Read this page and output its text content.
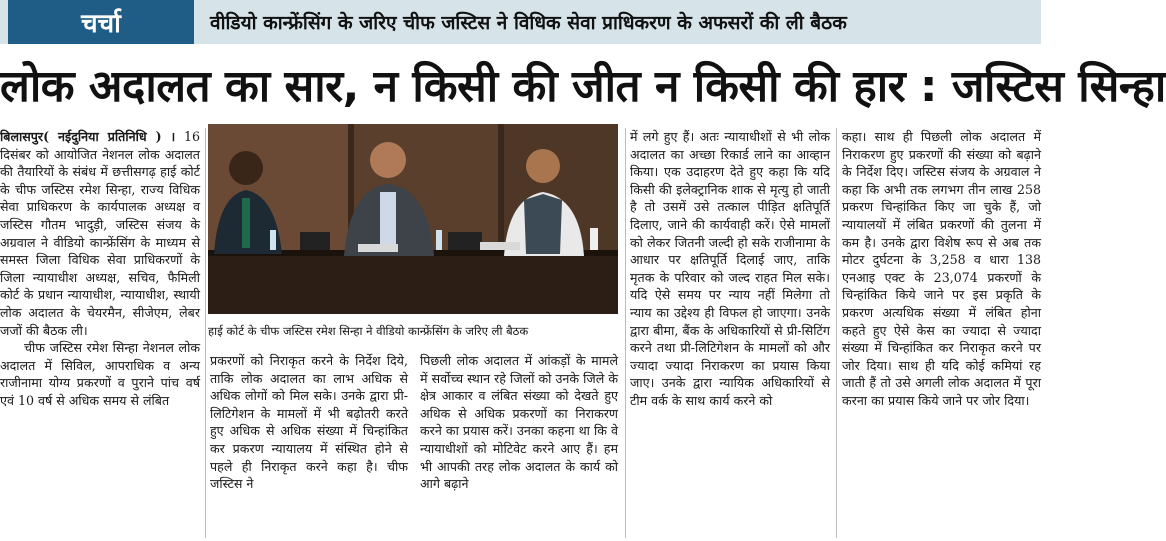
चर्चा	वीडियो कान्फ्रेंसिंग के जरिए चीफ जस्टिस ने विधिक सेवा प्राधिकरण के अफसरों की ली बैठक
लोक अदालत का सार, न किसी की जीत न किसी की हार : जस्टिस सिन्हा

बिलासपुर( नईदुनिया प्रतिनिधि ) । 16 दिसंबर को आयोजित नेशनल लोक अदालत की तैयारियों के संबंध में छत्तीसगढ़ हाई कोर्ट के चीफ जस्टिस रमेश सिन्हा, राज्य विधिक सेवा प्राधिकरण के कार्यपालक अध्यक्ष व जस्टिस गौतम भादुड़ी, जस्टिस संजय के अग्रवाल ने वीडियो कान्फ्रेंसिंग के माध्यम से समस्त जिला विधिक सेवा प्राधिकरणों के जिला न्यायाधीश अध्यक्ष, सचिव, फैमिली कोर्ट के प्रधान न्यायाधीश, न्यायाधीश, स्थायी लोक अदालत के चेयरमैन, सीजेएम, लेबर जजों की बैठक ली।

चीफ जस्टिस रमेश सिन्हा नेशनल लोक अदालत में सिविल, आपराधिक व अन्य राजीनामा योग्य प्रकरणों व पुराने पांच वर्ष एवं 10 वर्ष से अधिक समय से लंबित

हाई कोर्ट के चीफ जस्टिस रमेश सिन्हा ने वीडियो कान्फ्रेंसिंग के जरिए ली बैठक

प्रकरणों को निराकृत करने के निर्देश दिये, ताकि लोक अदालत का लाभ अधिक से अधिक लोगों को मिल सके। उनके द्वारा प्री-लिटिगेशन के मामलों में भी बढ़ोतरी करते हुए अधिक से अधिक संख्या में चिन्हांकित कर प्रकरण न्यायालय में संस्थित होने से पहले ही निराकृत करने कहा है। चीफ जस्टिस ने

पिछली लोक अदालत में आंकड़ों के मामले में सर्वोच्च स्थान रहे जिलों को उनके जिले के क्षेत्र आकार व लंबित संख्या को देखते हुए अधिक से अधिक प्रकरणों का निराकरण करने का प्रयास करें। उनका कहना था कि वे न्यायाधीशों को मोटिवेट करने आए हैं। हम भी आपकी तरह लोक अदालत के कार्य को आगे बढ़ाने

में लगे हुए हैं। अतः न्यायाधीशों से भी लोक अदालत का अच्छा रिकार्ड लाने का आव्हान किया। एक उदाहरण देते हुए कहा कि यदि किसी की इलेक्ट्रानिक शाक से मृत्यु हो जाती है तो उसमें उसे तत्काल पीड़ित क्षतिपूर्ति दिलाए, जाने की कार्यवाही करें। ऐसे मामलों को लेकर जितनी जल्दी हो सके राजीनामा के आधार पर क्षतिपूर्ति दिलाई जाए, ताकि मृतक के परिवार को जल्द राहत मिल सके। यदि ऐसे समय पर न्याय नहीं मिलेगा तो न्याय का उद्देश्य ही विफल हो जाएगा। उनके द्वारा बीमा, बैंक के अधिकारियों से प्री-सिटिंग करने तथा प्री-लिटिगेशन के मामलों को और ज्यादा ज्यादा निराकरण का प्रयास किया जाए। उनके द्वारा न्यायिक अधिकारियों से टीम वर्क के साथ कार्य करने को

कहा। साथ ही पिछली लोक अदालत में निराकरण हुए प्रकरणों की संख्या को बढ़ाने के निर्देश दिए। जस्टिस संजय के अग्रवाल ने कहा कि अभी तक लगभग तीन लाख 258 प्रकरण चिन्हांकित किए जा चुके हैं, जो न्यायालयों में लंबित प्रकरणों की तुलना में कम है। उनके द्वारा विशेष रूप से अब तक मोटर दुर्घटना के 3,258 व धारा 138 एनआइ एक्ट के 23,074 प्रकरणों के चिन्हांकित किये जाने पर इस प्रकृति के प्रकरण अत्यधिक संख्या में लंबित होना कहते हुए ऐसे केस का ज्यादा से ज्यादा संख्या में चिन्हांकित कर निराकृत करने पर जोर दिया। साथ ही यदि कोई कमियां रह जाती हैं तो उसे अगली लोक अदालत में पूरा करना का प्रयास किये जाने पर जोर दिया।
